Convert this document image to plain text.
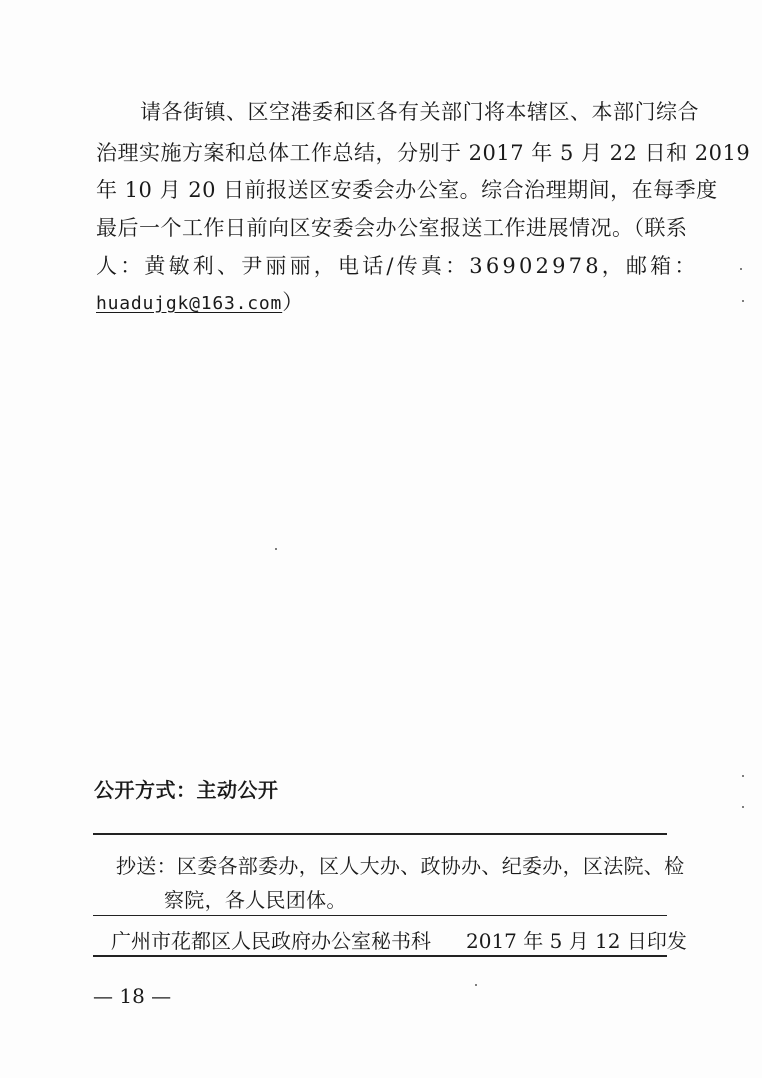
请各街镇、区空港委和区各有关部门将本辖区、本部门综合
治理实施方案和总体工作总结，分别于 2017 年 5 月 22 日和 2019
年 10 月 20 日前报送区安委会办公室。综合治理期间，在每季度
最后一个工作日前向区安委会办公室报送工作进展情况。（联系
人：黄敏利、尹丽丽，电话/传真：36902978，邮箱：
huadujgk@163.com）
公开方式：主动公开
抄送：区委各部委办，区人大办、政协办、纪委办，区法院、检
察院，各人民团体。
广州市花都区人民政府办公室秘书科 2017 年 5 月 12 日印发
— 18 —
